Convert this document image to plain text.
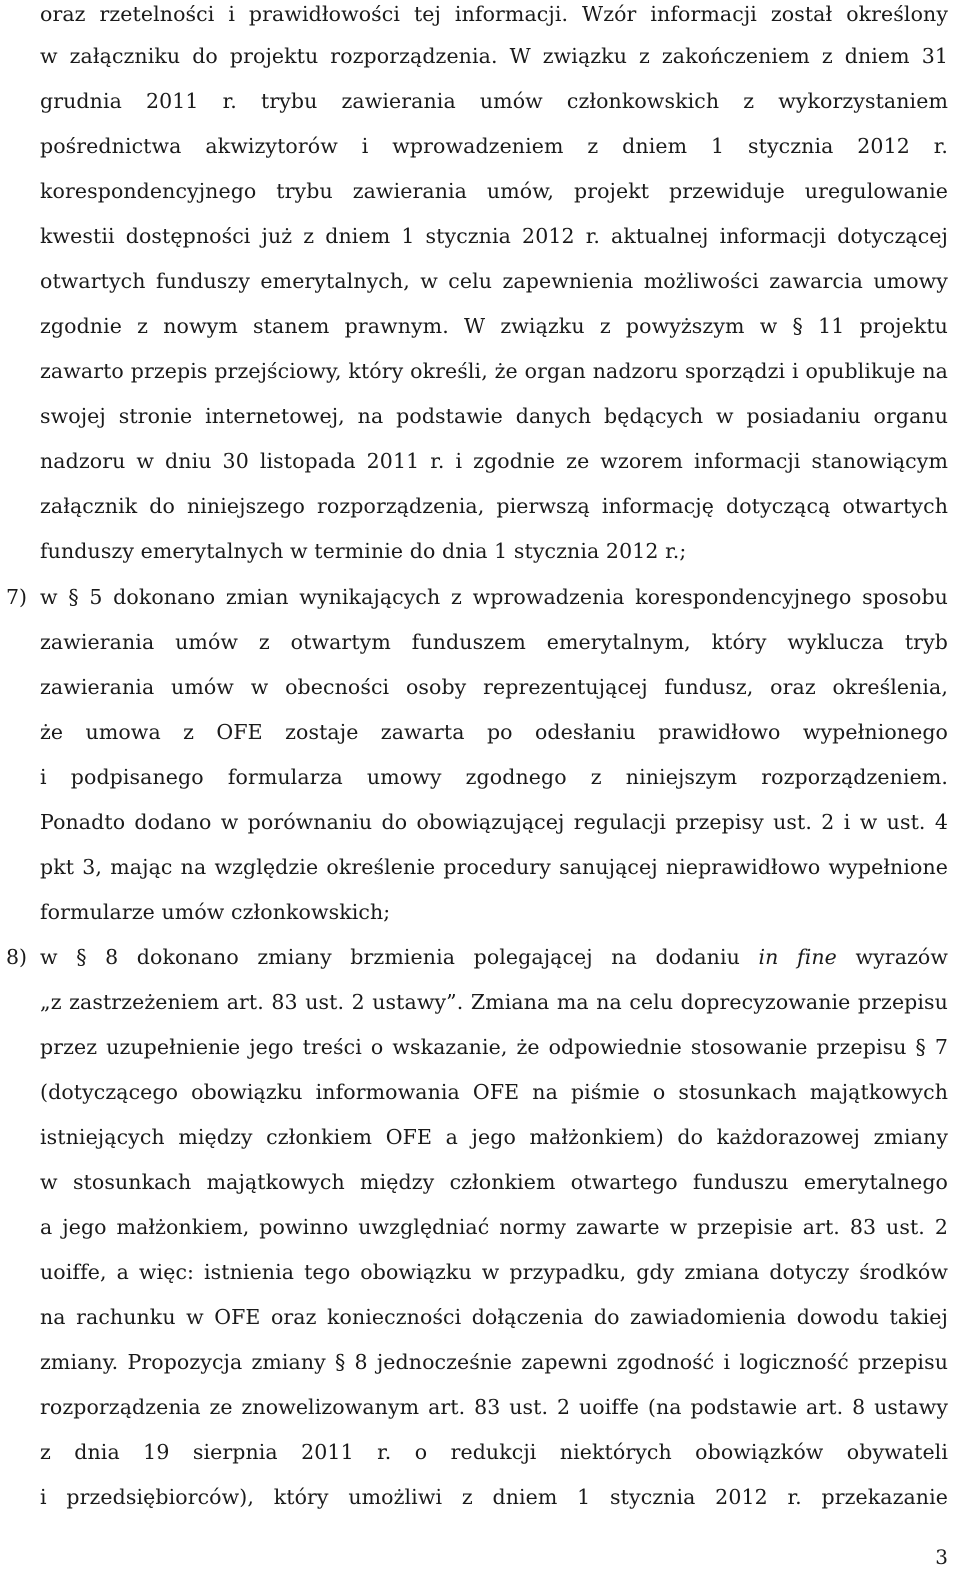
oraz rzetelności i prawidłowości tej informacji. Wzór informacji został określony
w załączniku do projektu rozporządzenia. W związku z zakończeniem z dniem 31
grudnia 2011 r. trybu zawierania umów członkowskich z wykorzystaniem
pośrednictwa akwizytorów i wprowadzeniem z dniem 1 stycznia 2012 r.
korespondencyjnego trybu zawierania umów, projekt przewiduje uregulowanie
kwestii dostępności już z dniem 1 stycznia 2012 r. aktualnej informacji dotyczącej
otwartych funduszy emerytalnych, w celu zapewnienia możliwości zawarcia umowy
zgodnie z nowym stanem prawnym. W związku z powyższym w § 11 projektu
zawarto przepis przejściowy, który określi, że organ nadzoru sporządzi i opublikuje na
swojej stronie internetowej, na podstawie danych będących w posiadaniu organu
nadzoru w dniu 30 listopada 2011 r. i zgodnie ze wzorem informacji stanowiącym
załącznik do niniejszego rozporządzenia, pierwszą informację dotyczącą otwartych
funduszy emerytalnych w terminie do dnia 1 stycznia 2012 r.;
7) w § 5 dokonano zmian wynikających z wprowadzenia korespondencyjnego sposobu
zawierania umów z otwartym funduszem emerytalnym, który wyklucza tryb
zawierania umów w obecności osoby reprezentującej fundusz, oraz określenia,
że umowa z OFE zostaje zawarta po odesłaniu prawidłowo wypełnionego
i podpisanego formularza umowy zgodnego z niniejszym rozporządzeniem.
Ponadto dodano w porównaniu do obowiązującej regulacji przepisy ust. 2 i w ust. 4
pkt 3, mając na względzie określenie procedury sanującej nieprawidłowo wypełnione
formularze umów członkowskich;
8) w § 8 dokonano zmiany brzmienia polegającej na dodaniu in fine wyrazów
„z zastrzeżeniem art. 83 ust. 2 ustawy”. Zmiana ma na celu doprecyzowanie przepisu
przez uzupełnienie jego treści o wskazanie, że odpowiednie stosowanie przepisu § 7
(dotyczącego obowiązku informowania OFE na piśmie o stosunkach majątkowych
istniejących między członkiem OFE a jego małżonkiem) do każdorazowej zmiany
w stosunkach majątkowych między członkiem otwartego funduszu emerytalnego
a jego małżonkiem, powinno uwzględniać normy zawarte w przepisie art. 83 ust. 2
uoiffe, a więc: istnienia tego obowiązku w przypadku, gdy zmiana dotyczy środków
na rachunku w OFE oraz konieczności dołączenia do zawiadomienia dowodu takiej
zmiany. Propozycja zmiany § 8 jednocześnie zapewni zgodność i logiczność przepisu
rozporządzenia ze znowelizowanym art. 83 ust. 2 uoiffe (na podstawie art. 8 ustawy
z dnia 19 sierpnia 2011 r. o redukcji niektórych obowiązków obywateli
i przedsiębiorców), który umożliwi z dniem 1 stycznia 2012 r. przekazanie
3
